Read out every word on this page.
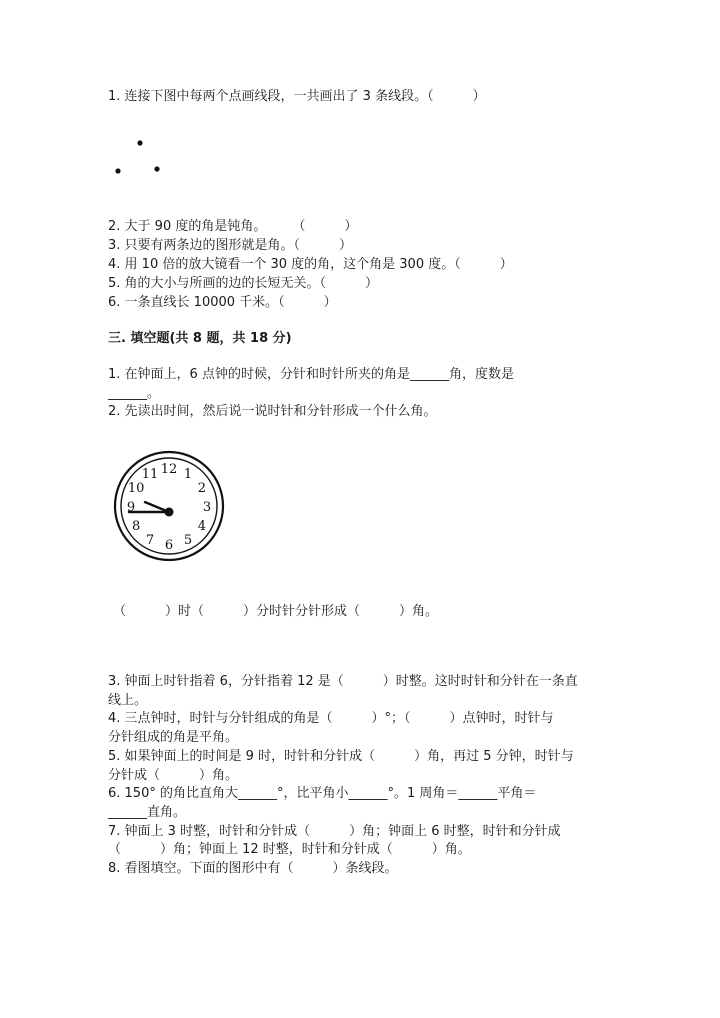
1. 连接下图中每两个点画线段，一共画出了 3 条线段。（　　　）
2. 大于 90 度的角是钝角。　　　（　　　）
3. 只要有两条边的图形就是角。（　　　）
4. 用 10 倍的放大镜看一个 30 度的角，这个角是 300 度。（　　　）
5. 角的大小与所画的边的长短无关。（　　　）
6. 一条直线长 10000 千米。（　　　）
三. 填空题(共 8 题，共 18 分)
1. 在钟面上，6 点钟的时候，分针和时针所夹的角是______角，度数是
______。
2. 先读出时间，然后说一说时针和分针形成一个什么角。
12 1
2
3
4
5
6
7
8
9
10
11
（　　　）时（　　　）分时针分针形成（　　　）角。
3. 钟面上时针指着 6，分针指着 12 是（　　　）时整。这时时针和分针在一条直
线上。
4. 三点钟时，时针与分针组成的角是（　　　）°；（　　　）点钟时，时针与
分针组成的角是平角。
5. 如果钟面上的时间是 9 时，时针和分针成（　　　）角，再过 5 分钟，时针与
分针成（　　　）角。
6. 150° 的角比直角大______°，比平角小______°。1 周角＝______平角＝
______直角。
7. 钟面上 3 时整，时针和分针成（　　　）角；钟面上 6 时整，时针和分针成
（　　　）角；钟面上 12 时整，时针和分针成（　　　）角。
8. 看图填空。下面的图形中有（　　　）条线段。
